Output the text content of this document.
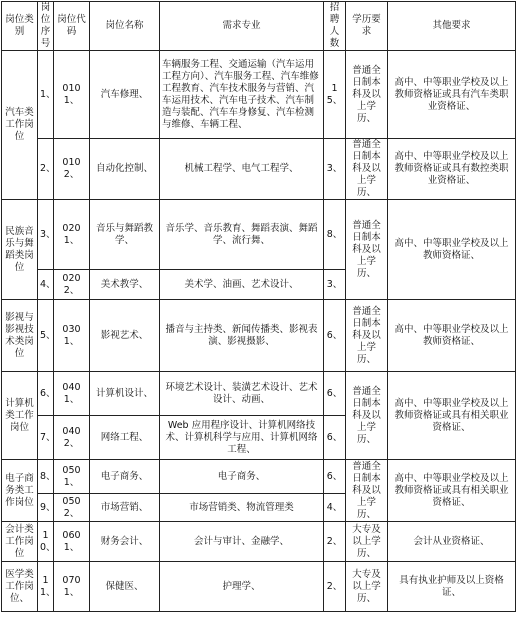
岗位类别	岗位序号	岗位代码	岗位名称	需求专业	招聘人数	学历要求	其他要求
汽车类工作岗位	1、	0101、	汽车修理、	车辆服务工程、交通运输（汽车运用工程方向）、汽车服务工程、汽车维修工程教育、汽车技术服务与营销、汽车运用技术、汽车电子技术、汽车制造与装配、汽车车身修复、汽车检测与维修、车辆工程、	15、	普通全日制本科及以上学历、	高中、中等职业学校及以上教师资格证或具有汽车类职业资格证、
	2、	0102、	自动化控制、	机械工程学、电气工程学、	3、	普通全日制本科及以上学历、	高中、中等职业学校及以上教师资格证或具有数控类职业资格证、
民族音乐与舞蹈类岗位	3、	0201、	音乐与舞蹈教学、	音乐学、音乐教育、舞蹈表演、舞蹈学、流行舞、	8、	普通全日制本科及以上学历、	高中、中等职业学校及以上教师资格证、
	4、	0202、	美术教学、	美术学、油画、艺术设计、	3、		
影视与影视技术类岗位	5、	0301、	影视艺术、	播音与主持类、新闻传播类、影视表演、影视摄影、	6、	普通全日制本科及以上学历、	高中、中等职业学校及以上教师资格证、
计算机类工作岗位	6、	0401、	计算机设计、	环境艺术设计、装潢艺术设计、艺术设计、动画、	6、	普通全日制本科及以上学历、	高中、中等职业学校及以上教师资格证或具有相关职业资格证、
	7、	0402、	网络工程、	Web 应用程序设计、计算机网络技术、计算机科学与应用、计算机网络工程、	6、		
电子商务类工作岗位	8、	0501、	电子商务、	电子商务、	6、	普通全日制本科及以上学历、	高中、中等职业学校及以上教师资格证或具有相关职业资格证、
	9、	0502、	市场营销、	市场营销类、物流管理类	4、		
会计类工作岗位	10、	0601、	财务会计、	会计与审计、金融学、	2、	大专及以上学历、	会计从业资格证、
医学类工作岗位、	11、	0701、	保健医、	护理学、	2、	大专及以上学历、	具有执业护师及以上资格证、
